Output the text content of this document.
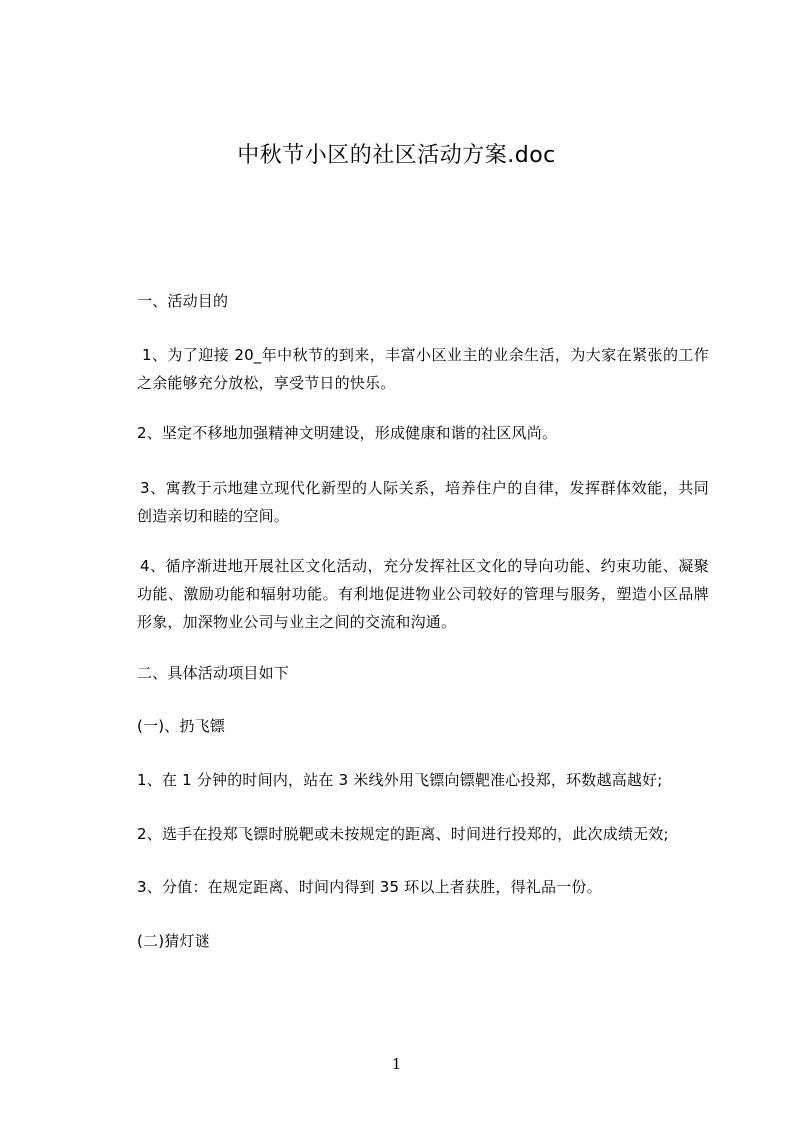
中秋节小区的社区活动方案.doc
一、活动目的
1、为了迎接 20_年中秋节的到来，丰富小区业主的业余生活，为大家在紧张的工作之余能够充分放松，享受节日的快乐。
2、坚定不移地加强精神文明建设，形成健康和谐的社区风尚。
3、寓教于示地建立现代化新型的人际关系，培养住户的自律，发挥群体效能，共同创造亲切和睦的空间。
4、循序渐进地开展社区文化活动，充分发挥社区文化的导向功能、约束功能、凝聚功能、激励功能和辐射功能。有利地促进物业公司较好的管理与服务，塑造小区品牌形象，加深物业公司与业主之间的交流和沟通。
二、具体活动项目如下
(一)、扔飞镖
1、在 1 分钟的时间内，站在 3 米线外用飞镖向镖靶准心投郑，环数越高越好;
2、选手在投郑飞镖时脱靶或未按规定的距离、时间进行投郑的，此次成绩无效;
3、分值：在规定距离、时间内得到 35 环以上者获胜，得礼品一份。
(二)猜灯谜
1
